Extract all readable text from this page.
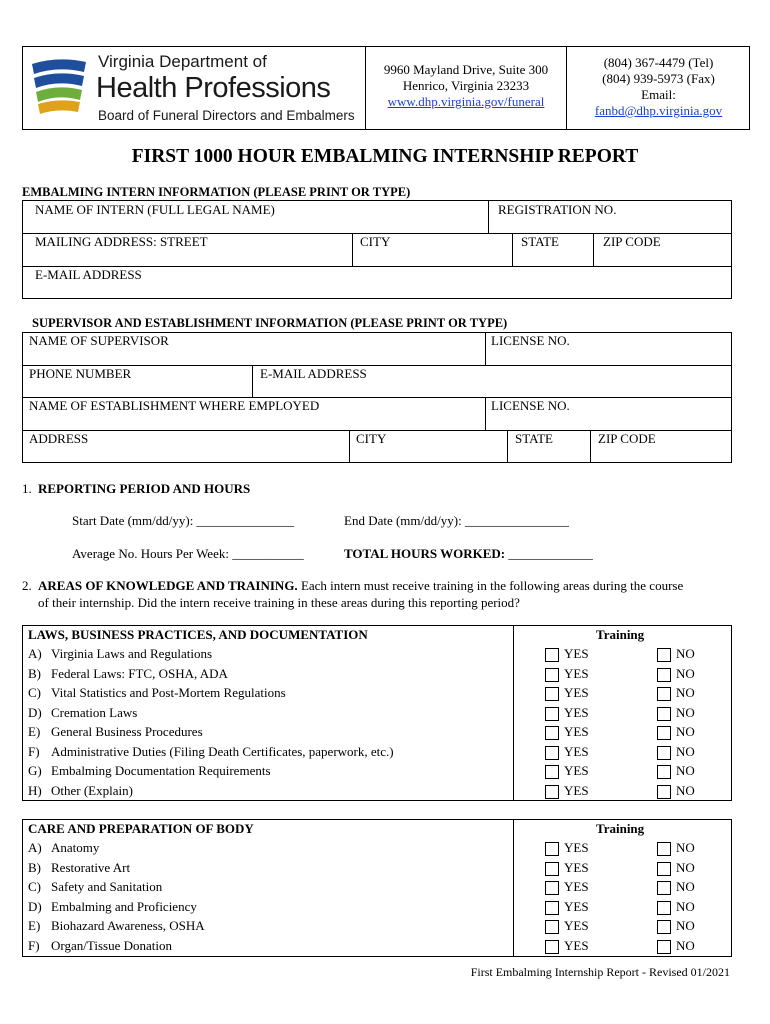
Virginia Department of
Health Professions
Board of Funeral Directors and Embalmers
9960 Mayland Drive, Suite 300
Henrico, Virginia 23233
www.dhp.virginia.gov/funeral
(804) 367-4479 (Tel)
(804) 939-5973 (Fax)
Email:
fanbd@dhp.virginia.gov
FIRST 1000 HOUR EMBALMING INTERNSHIP REPORT
EMBALMING INTERN INFORMATION (PLEASE PRINT OR TYPE)
NAME OF INTERN (FULL LEGAL NAME)	REGISTRATION NO.
MAILING ADDRESS: STREET	CITY	STATE	ZIP CODE
E-MAIL ADDRESS
SUPERVISOR AND ESTABLISHMENT INFORMATION (PLEASE PRINT OR TYPE)
NAME OF SUPERVISOR	LICENSE NO.
PHONE NUMBER	E-MAIL ADDRESS
NAME OF ESTABLISHMENT WHERE EMPLOYED	LICENSE NO.
ADDRESS	CITY	STATE	ZIP CODE
1. REPORTING PERIOD AND HOURS
Start Date (mm/dd/yy): _______________	End Date (mm/dd/yy): ________________
Average No. Hours Per Week: ___________	TOTAL HOURS WORKED: _____________
2. AREAS OF KNOWLEDGE AND TRAINING. Each intern must receive training in the following areas during the course
of their internship. Did the intern receive training in these areas during this reporting period?
LAWS, BUSINESS PRACTICES, AND DOCUMENTATION	Training
A) Virginia Laws and Regulations	YES	NO
B) Federal Laws: FTC, OSHA, ADA	YES	NO
C) Vital Statistics and Post-Mortem Regulations	YES	NO
D) Cremation Laws	YES	NO
E) General Business Procedures	YES	NO
F) Administrative Duties (Filing Death Certificates, paperwork, etc.)	YES	NO
G) Embalming Documentation Requirements	YES	NO
H) Other (Explain)	YES	NO
CARE AND PREPARATION OF BODY	Training
A) Anatomy	YES	NO
B) Restorative Art	YES	NO
C) Safety and Sanitation	YES	NO
D) Embalming and Proficiency	YES	NO
E) Biohazard Awareness, OSHA	YES	NO
F) Organ/Tissue Donation	YES	NO
First Embalming Internship Report - Revised 01/2021
